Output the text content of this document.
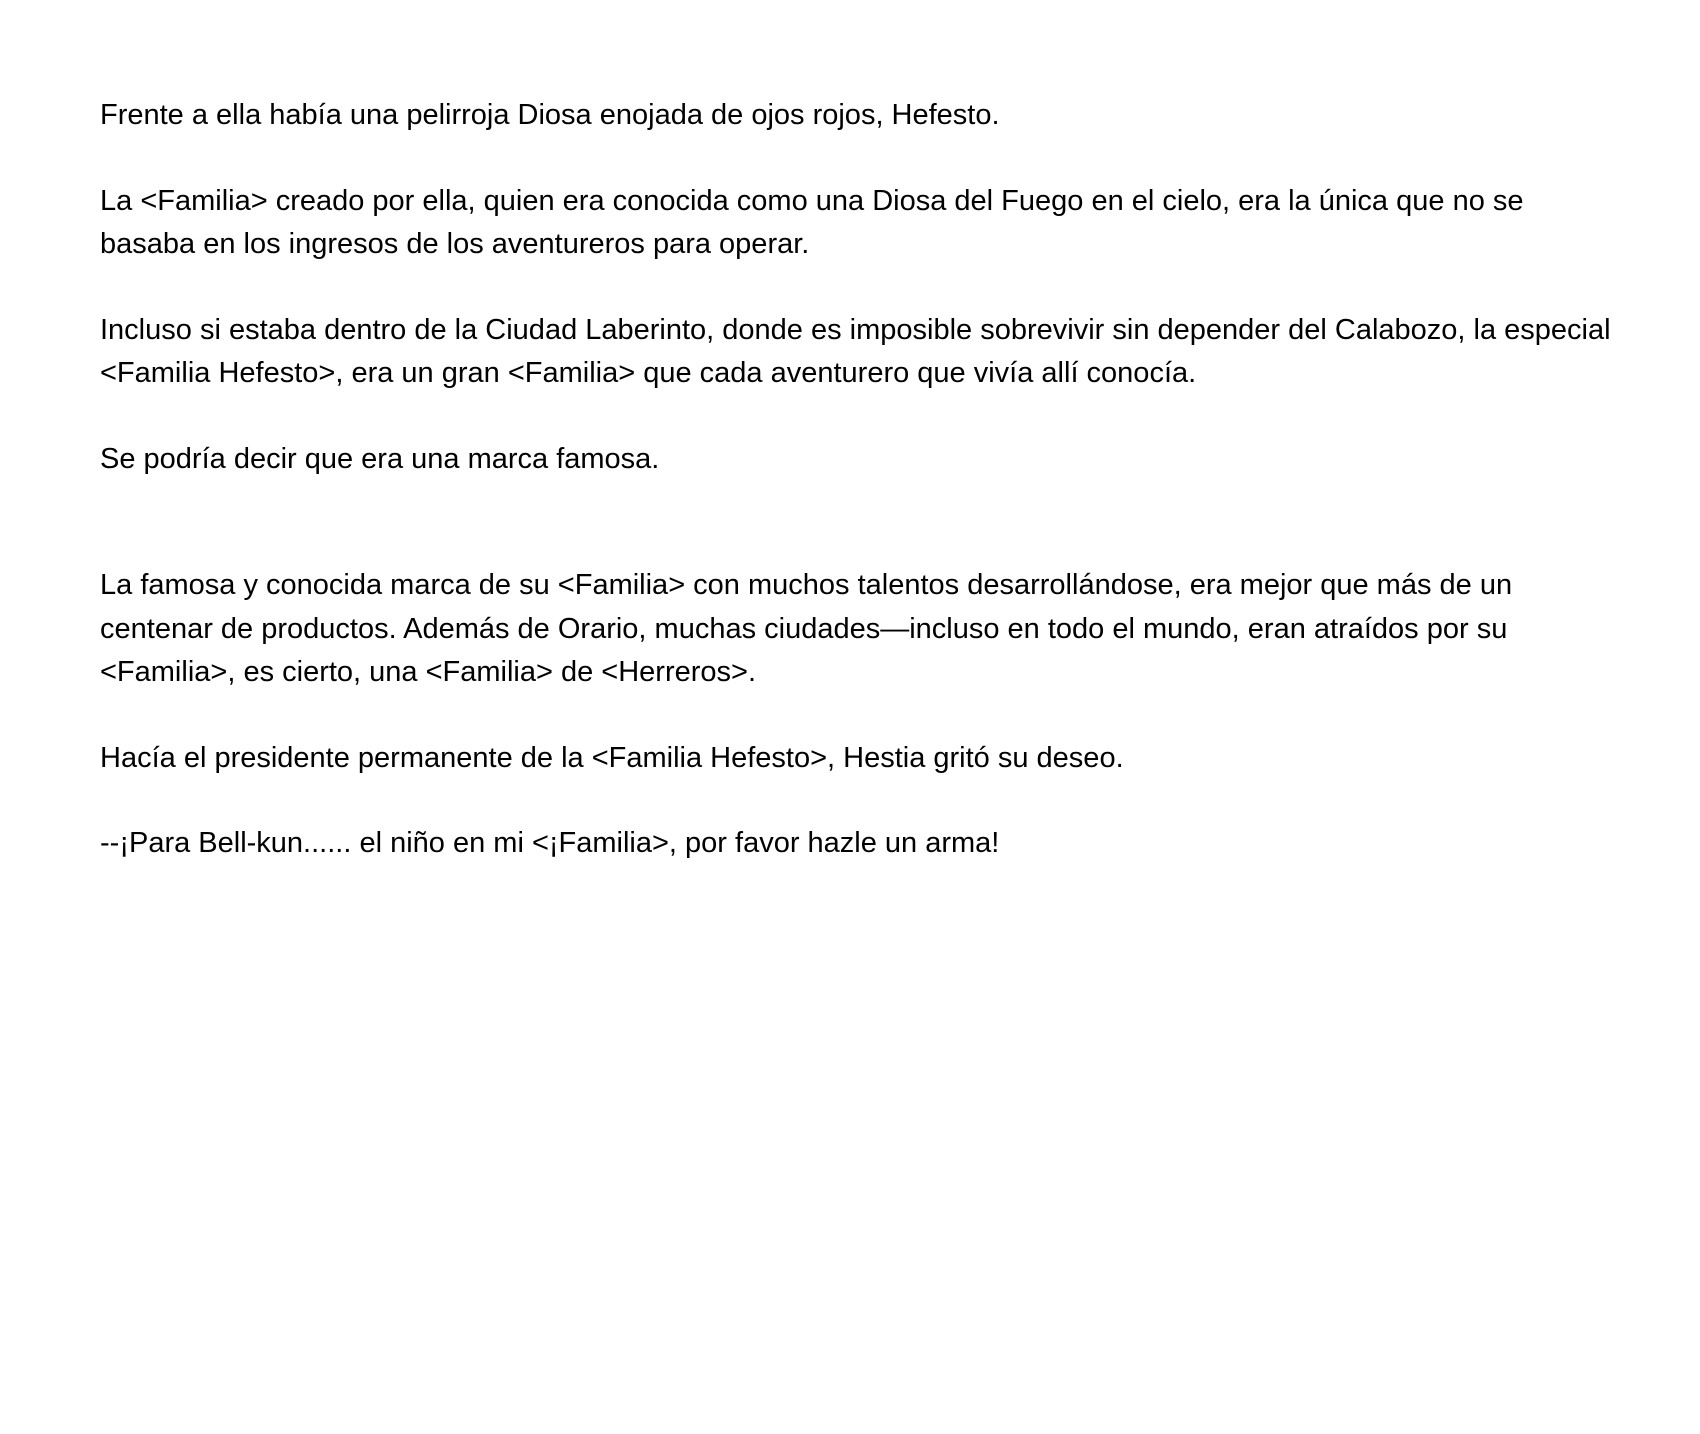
Frente a ella había una pelirroja Diosa enojada de ojos rojos, Hefesto.

La <Familia> creado por ella, quien era conocida como una Diosa del Fuego en el cielo, era la única que no se basaba en los ingresos de los aventureros para operar.

Incluso si estaba dentro de la Ciudad Laberinto, donde es imposible sobrevivir sin depender del Calabozo, la especial <Familia Hefesto>, era un gran <Familia> que cada aventurero que vivía allí conocía.

Se podría decir que era una marca famosa.

La famosa y conocida marca de su <Familia> con muchos talentos desarrollándose, era mejor que más de un centenar de productos. Además de Orario, muchas ciudades—incluso en todo el mundo, eran atraídos por su <Familia>, es cierto, una <Familia> de <Herreros>.

Hacía el presidente permanente de la <Familia Hefesto>, Hestia gritó su deseo.

--¡Para Bell-kun...... el niño en mi <¡Familia>, por favor hazle un arma!
